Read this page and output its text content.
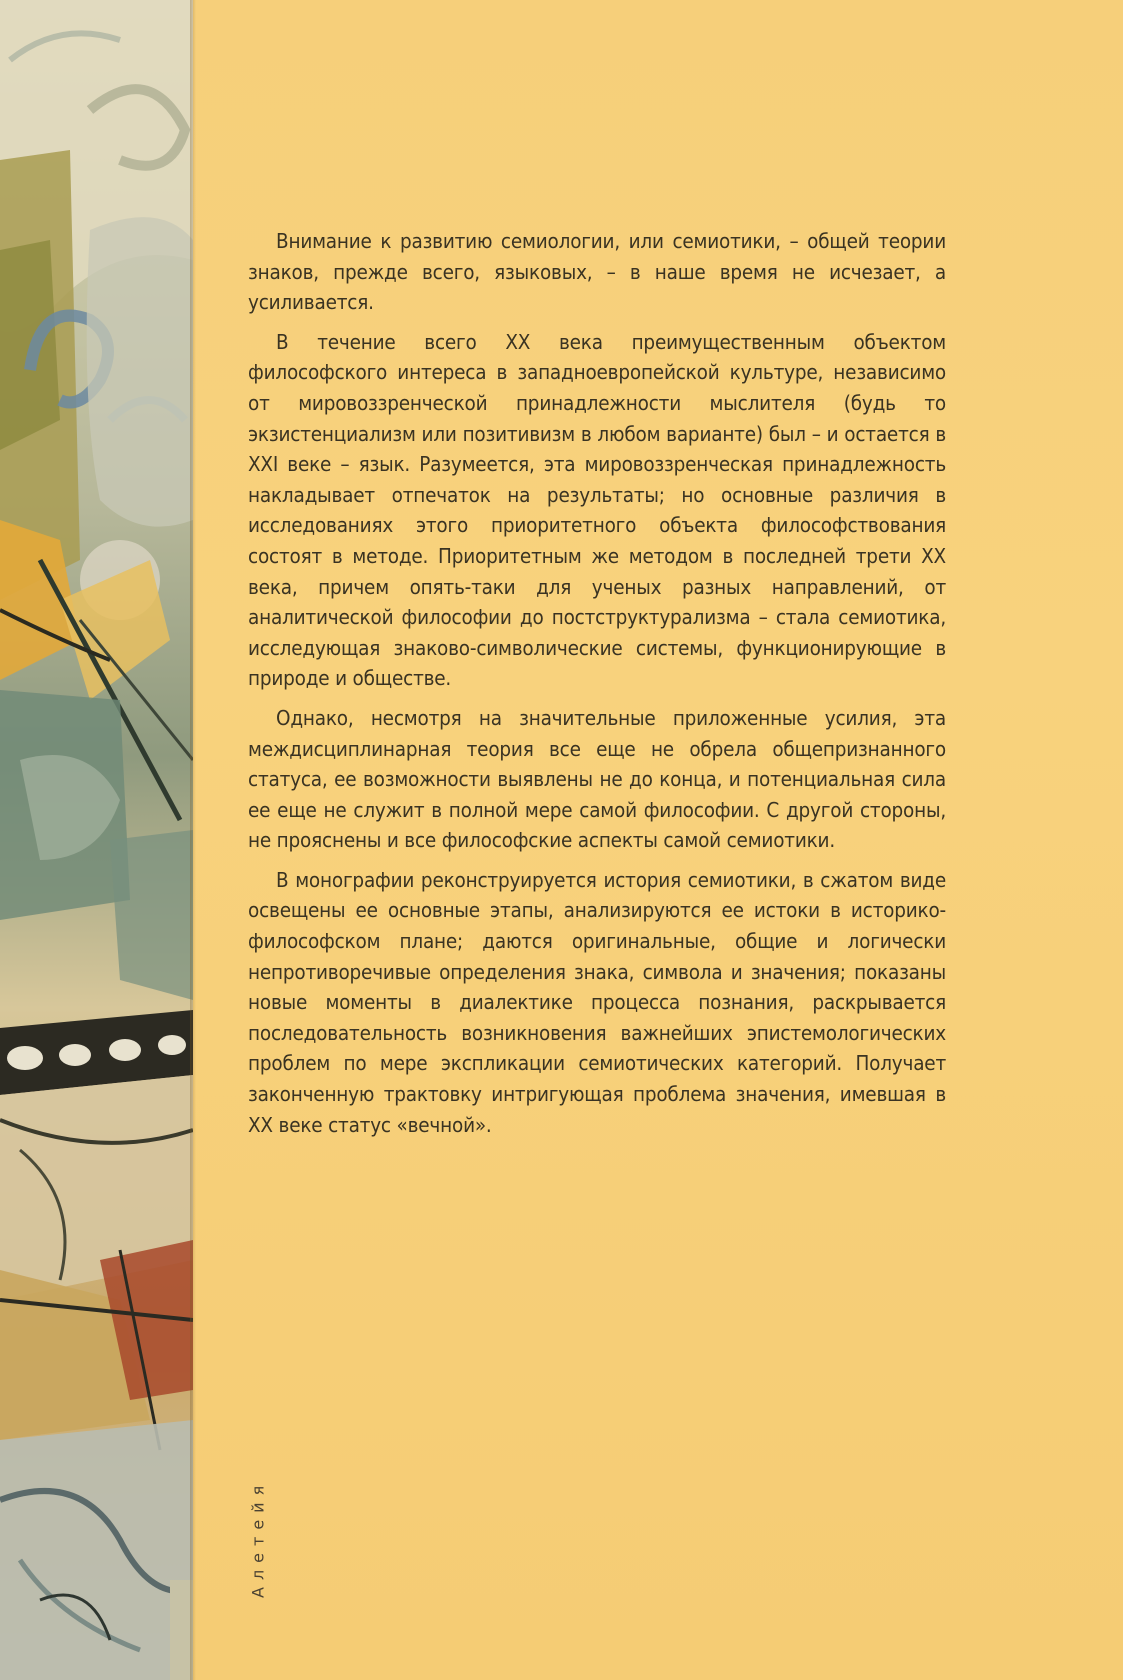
Внимание к развитию семиологии, или семиотики, – общей теории знаков, прежде всего, языковых, – в наше время не исчезает, а усиливается.

В течение всего XX века преимущественным объектом философского интереса в западноевропейской культуре, независимо от мировоззренческой принадлежности мыслителя (будь то экзистенциализм или позитивизм в любом варианте) был – и остается в XXI веке – язык. Разумеется, эта мировоззренческая принадлежность накладывает отпечаток на результаты; но основные различия в исследованиях этого приоритетного объекта философствования состоят в методе. Приоритетным же методом в последней трети XX века, причем опять-таки для ученых разных направлений, от аналитической философии до постструктурализма – стала семиотика, исследующая знаково-символические системы, функционирующие в природе и обществе.

Однако, несмотря на значительные приложенные усилия, эта междисциплинарная теория все еще не обрела общепризнанного статуса, ее возможности выявлены не до конца, и потенциальная сила ее еще не служит в полной мере самой философии. С другой стороны, не прояснены и все философские аспекты самой семиотики.

В монографии реконструируется история семиотики, в сжатом виде освещены ее основные этапы, анализируются ее истоки в историко-философском плане; даются оригинальные, общие и логически непротиворечивые определения знака, символа и значения; показаны новые моменты в диалектике процесса познания, раскрывается последовательность возникновения важнейших эпистемологических проблем по мере экспликации семиотических категорий. Получает законченную трактовку интригующая проблема значения, имевшая в XX веке статус «вечной».

Алетейя
